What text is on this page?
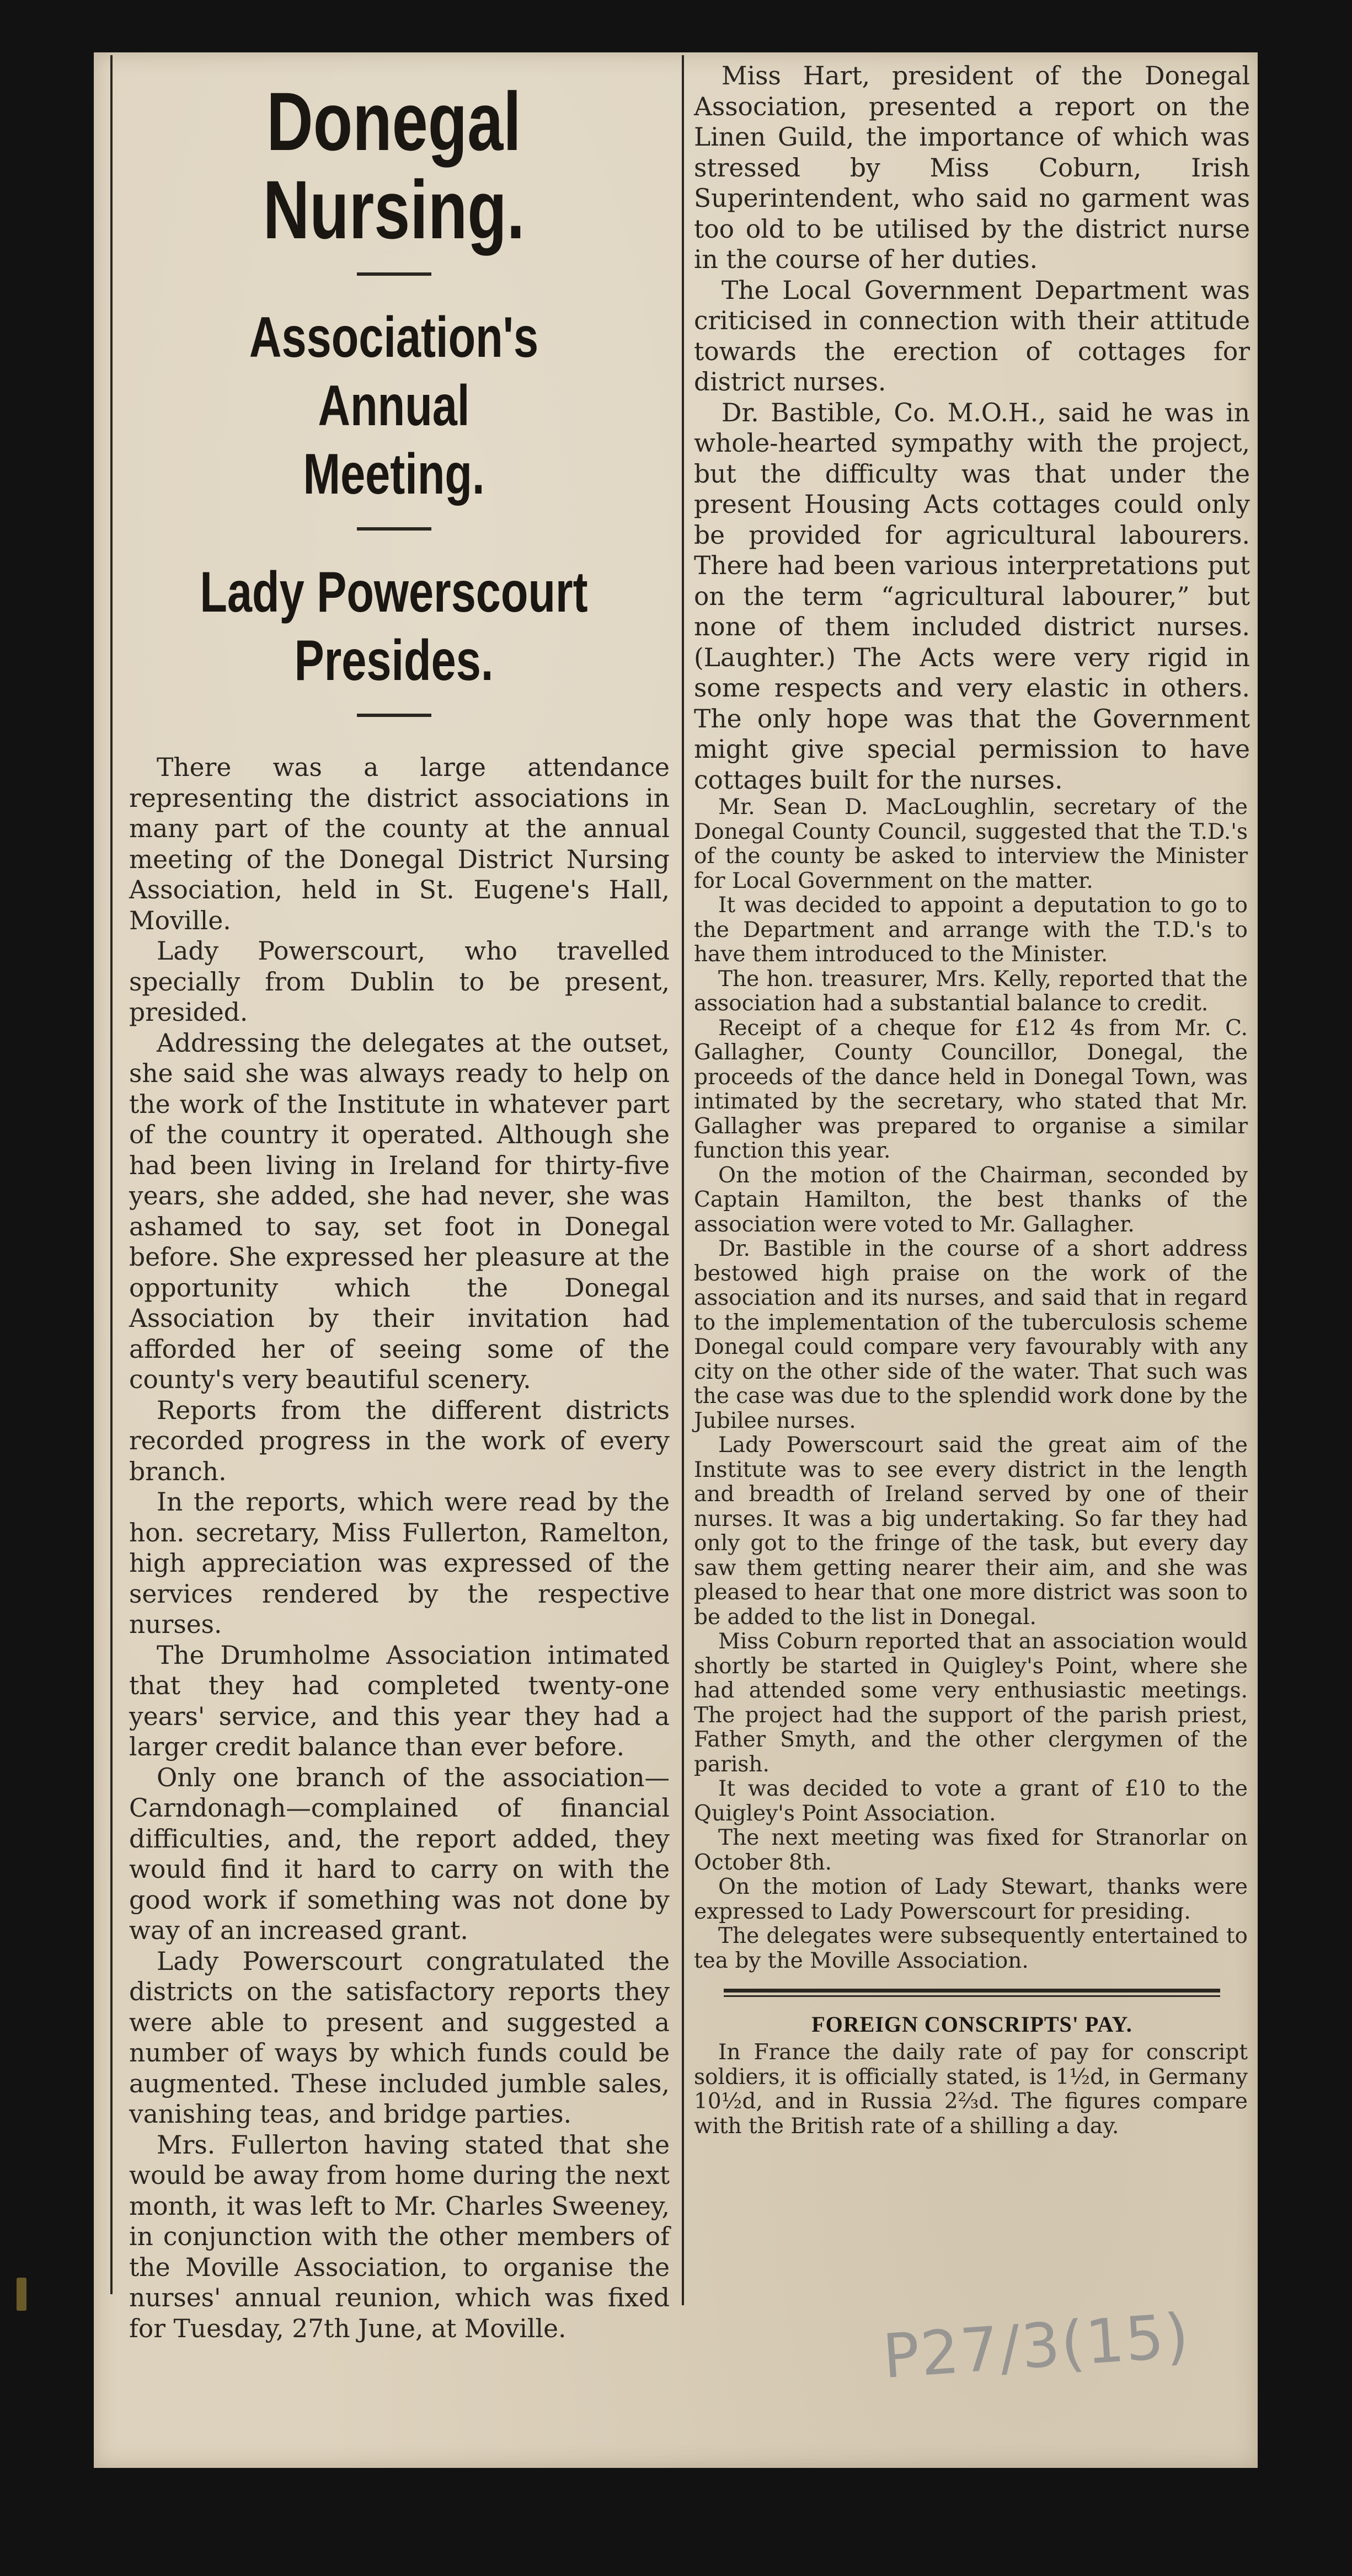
Donegal Nursing.
Association's Annual
Meeting.
Lady Powerscourt
Presides.

There was a large attendance representing the district associations in many part of the county at the annual meeting of the Donegal District Nursing Association, held in St. Eugene's Hall, Moville.

Lady Powerscourt, who travelled specially from Dublin to be present, presided.

Addressing the delegates at the outset, she said she was always ready to help on the work of the Institute in whatever part of the country it operated. Although she had been living in Ireland for thirty-five years, she added, she had never, she was ashamed to say, set foot in Donegal before. She expressed her pleasure at the opportunity which the Donegal Association by their invitation had afforded her of seeing some of the county's very beautiful scenery.

Reports from the different districts recorded progress in the work of every branch.

In the reports, which were read by the hon. secretary, Miss Fullerton, Ramelton, high appreciation was expressed of the services rendered by the respective nurses.

The Drumholme Association intimated that they had completed twenty-one years' service, and this year they had a larger credit balance than ever before.

Only one branch of the association—Carndonagh—complained of financial difficulties, and, the report added, they would find it hard to carry on with the good work if something was not done by way of an increased grant.

Lady Powerscourt congratulated the districts on the satisfactory reports they were able to present and suggested a number of ways by which funds could be augmented. These included jumble sales, vanishing teas, and bridge parties.

Mrs. Fullerton having stated that she would be away from home during the next month, it was left to Mr. Charles Sweeney, in conjunction with the other members of the Moville Association, to organise the nurses' annual reunion, which was fixed for Tuesday, 27th June, at Moville.

Miss Hart, president of the Donegal Association, presented a report on the Linen Guild, the importance of which was stressed by Miss Coburn, Irish Superintendent, who said no garment was too old to be utilised by the district nurse in the course of her duties.

The Local Government Department was criticised in connection with their attitude towards the erection of cottages for district nurses.

Dr. Bastible, Co. M.O.H., said he was in whole-hearted sympathy with the project, but the difficulty was that under the present Housing Acts cottages could only be provided for agricultural labourers. There had been various interpretations put on the term “agricultural labourer,” but none of them included district nurses. (Laughter.) The Acts were very rigid in some respects and very elastic in others. The only hope was that the Government might give special permission to have cottages built for the nurses.

Mr. Sean D. MacLoughlin, secretary of the Donegal County Council, suggested that the T.D.'s of the county be asked to interview the Minister for Local Government on the matter.

It was decided to appoint a deputation to go to the Department and arrange with the T.D.'s to have them introduced to the Minister.

The hon. treasurer, Mrs. Kelly, reported that the association had a substantial balance to credit.

Receipt of a cheque for £12 4s from Mr. C. Gallagher, County Councillor, Donegal, the proceeds of the dance held in Donegal Town, was intimated by the secretary, who stated that Mr. Gallagher was prepared to organise a similar function this year.

On the motion of the Chairman, seconded by Captain Hamilton, the best thanks of the association were voted to Mr. Gallagher.

Dr. Bastible in the course of a short address bestowed high praise on the work of the association and its nurses, and said that in regard to the implementation of the tuberculosis scheme Donegal could compare very favourably with any city on the other side of the water. That such was the case was due to the splendid work done by the Jubilee nurses.

Lady Powerscourt said the great aim of the Institute was to see every district in the length and breadth of Ireland served by one of their nurses. It was a big undertaking. So far they had only got to the fringe of the task, but every day saw them getting nearer their aim, and she was pleased to hear that one more district was soon to be added to the list in Donegal.

Miss Coburn reported that an association would shortly be started in Quigley's Point, where she had attended some very enthusiastic meetings. The project had the support of the parish priest, Father Smyth, and the other clergymen of the parish.

It was decided to vote a grant of £10 to the Quigley's Point Association.

The next meeting was fixed for Stranorlar on October 8th.

On the motion of Lady Stewart, thanks were expressed to Lady Powerscourt for presiding.

The delegates were subsequently entertained to tea by the Moville Association.

FOREIGN CONSCRIPTS' PAY.

In France the daily rate of pay for conscript soldiers, it is officially stated, is 1½d, in Germany 10½d, and in Russia 2⅔d. The figures compare with the British rate of a shilling a day.

P27/3(15)
